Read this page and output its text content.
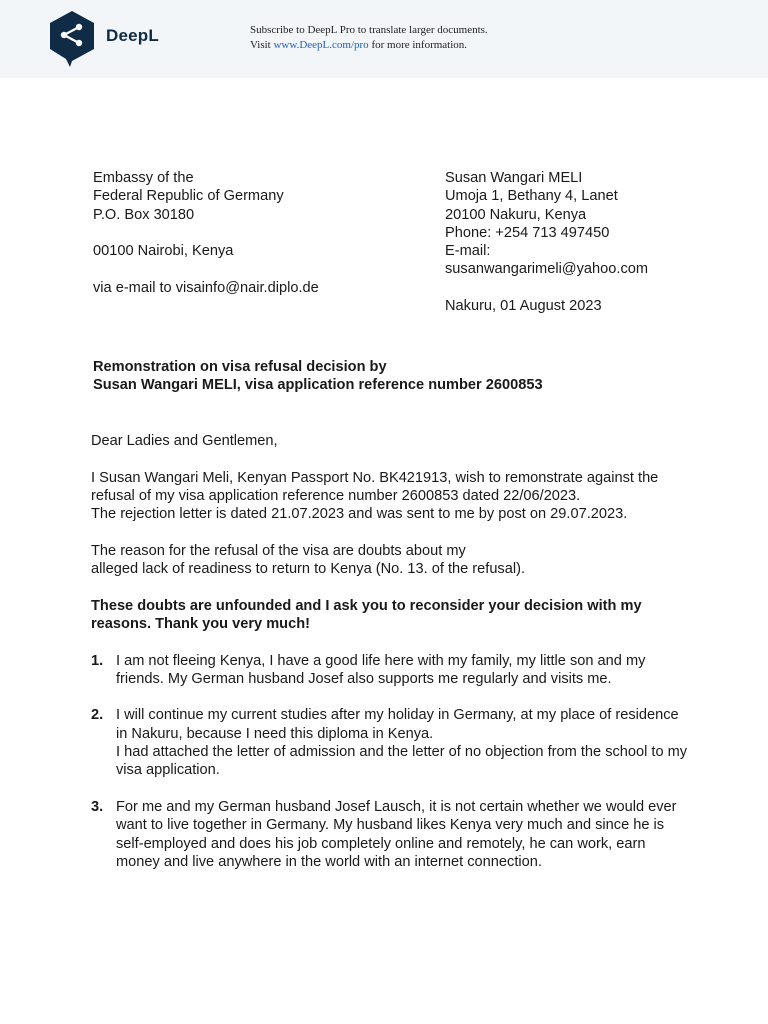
DeepL	Subscribe to DeepL Pro to translate larger documents.
Visit www.DeepL.com/pro for more information.
Embassy of the
Federal Republic of Germany
P.O. Box 30180
00100 Nairobi, Kenya
via e-mail to visainfo@nair.diplo.de
Susan Wangari MELI
Umoja 1, Bethany 4, Lanet
20100 Nakuru, Kenya
Phone: +254 713 497450
E-mail:
susanwangarimeli@yahoo.com
Nakuru, 01 August 2023
Remonstration on visa refusal decision by
Susan Wangari MELI, visa application reference number 2600853

Dear Ladies and Gentlemen,

I Susan Wangari Meli, Kenyan Passport No. BK421913, wish to remonstrate against the refusal of my visa application reference number 2600853 dated 22/06/2023.
The rejection letter is dated 21.07.2023 and was sent to me by post on 29.07.2023.

The reason for the refusal of the visa are doubts about my
alleged lack of readiness to return to Kenya (No. 13. of the refusal).

These doubts are unfounded and I ask you to reconsider your decision with my reasons. Thank you very much!

1. I am not fleeing Kenya, I have a good life here with my family, my little son and my friends. My German husband Josef also supports me regularly and visits me.
2. I will continue my current studies after my holiday in Germany, at my place of residence in Nakuru, because I need this diploma in Kenya.
I had attached the letter of admission and the letter of no objection from the school to my visa application.
3. For me and my German husband Josef Lausch, it is not certain whether we would ever want to live together in Germany. My husband likes Kenya very much and since he is self-employed and does his job completely online and remotely, he can work, earn money and live anywhere in the world with an internet connection.
